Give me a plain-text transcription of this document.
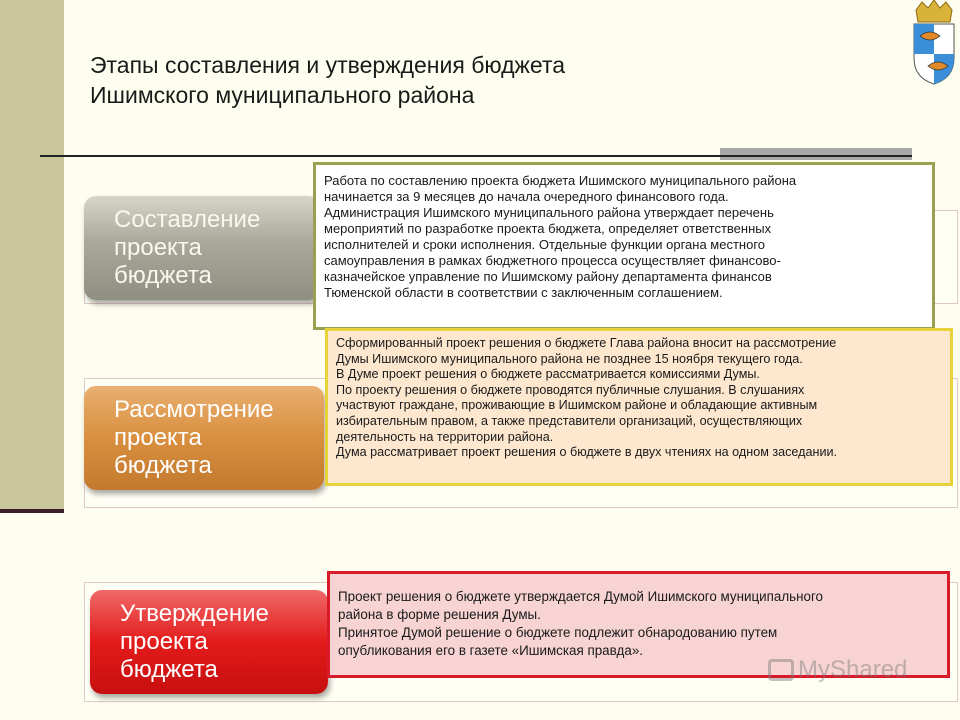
Этапы составления и утверждения бюджета
Ишимского муниципального района
Составление
проекта
бюджета
Работа по составлению проекта бюджета Ишимского муниципального района
начинается за 9 месяцев до начала очередного финансового года.
Администрация Ишимского муниципального района утверждает перечень
мероприятий по разработке проекта бюджета, определяет ответственных
исполнителей и сроки исполнения. Отдельные функции органа местного
самоуправления в рамках бюджетного процесса осуществляет финансово-
казначейское управление по Ишимскому району департамента финансов
Тюменской области в соответствии с заключенным соглашением.
Рассмотрение
проекта
бюджета
Сформированный проект решения о бюджете Глава района вносит на рассмотрение
Думы Ишимского муниципального района не позднее 15 ноября текущего года.
В Думе проект решения о бюджете рассматривается комиссиями Думы.
По проекту решения о бюджете проводятся публичные слушания. В слушаниях
участвуют граждане, проживающие в Ишимском районе и обладающие активным
избирательным правом, а также представители организаций, осуществляющих
деятельность на территории района.
Дума рассматривает проект решения о бюджете в двух чтениях на одном заседании.
Утверждение
проекта
бюджета
Проект решения о бюджете утверждается Думой Ишимского муниципального
района в форме решения Думы.
Принятое Думой решение о бюджете подлежит обнародованию путем
опубликования его в газете «Ишимская правда».
MyShared
